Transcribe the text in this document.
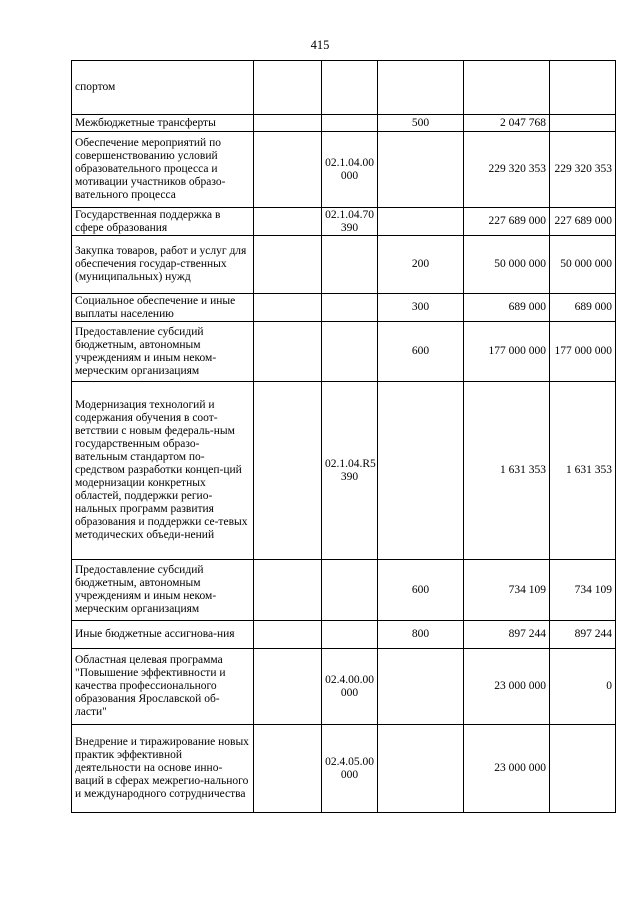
415
спортом					
Межбюджетные трансферты			500	2 047 768	
Обеспечение мероприятий по совершенствованию условий образовательного процесса и мотивации участников образо-вательного процесса		02.1.04.00 000		229 320 353	229 320 353
Государственная поддержка в сфере образования		02.1.04.70 390		227 689 000	227 689 000
Закупка товаров, работ и услуг для обеспечения государ-ственных (муниципальных) нужд			200	50 000 000	50 000 000
Социальное обеспечение и иные выплаты населению			300	689 000	689 000
Предоставление субсидий бюджетным, автономным учреждениям и иным неком-мерческим организациям			600	177 000 000	177 000 000
Модернизация технологий и содержания обучения в соот-ветствии с новым федераль-ным государственным образо-вательным стандартом по-средством разработки концеп-ций модернизации конкретных областей, поддержки регио-нальных программ развития образования и поддержки се-тевых методических объеди-нений		02.1.04.R5 390		1 631 353	1 631 353
Предоставление субсидий бюджетным, автономным учреждениям и иным неком-мерческим организациям			600	734 109	734 109
Иные бюджетные ассигнова-ния			800	897 244	897 244
Областная целевая программа "Повышение эффективности и качества профессионального образования Ярославской об-ласти"		02.4.00.00 000		23 000 000	0
Внедрение и тиражирование новых практик эффективной деятельности на основе инно-ваций в сферах межрегио-нального и международного сотрудничества		02.4.05.00 000		23 000 000	
